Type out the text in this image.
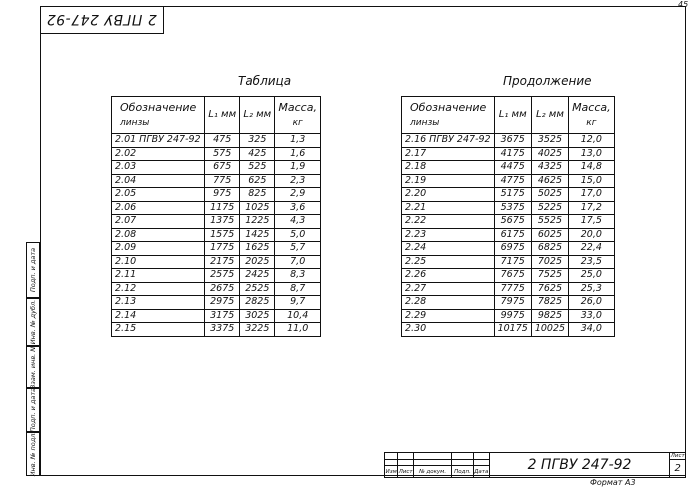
2 ПГВУ 247-92
45
Таблица
Обозначение
линзы	L₁ мм	L₂ мм	Масса,
кг

2.01 ПГВУ 247-92	475	325	1,3
2.02	575	425	1,6
2.03	675	525	1,9
2.04	775	625	2,3
2.05	975	825	2,9
2.06	1175	1025	3,6
2.07	1375	1225	4,3
2.08	1575	1425	5,0
2.09	1775	1625	5,7
2.10	2175	2025	7,0
2.11	2575	2425	8,3
2.12	2675	2525	8,7
2.13	2975	2825	9,7
2.14	3175	3025	10,4
2.15	3375	3225	11,0
Продолжение
Обозначение
линзы	L₁ мм	L₂ мм	Масса,
кг

2.16 ПГВУ 247-92	3675	3525	12,0
2.17	4175	4025	13,0
2.18	4475	4325	14,8
2.19	4775	4625	15,0
2.20	5175	5025	17,0
2.21	5375	5225	17,2
2.22	5675	5525	17,5
2.23	6175	6025	20,0
2.24	6975	6825	22,4
2.25	7175	7025	23,5
2.26	7675	7525	25,0
2.27	7775	7625	25,3
2.28	7975	7825	26,0
2.29	9975	9825	33,0
2.30	10175	10025	34,0
Подп. и дата
Инв. № дубл.
Взам. инв. №
Подп. и дата
Инв. № подл.
						2 ПГВУ 247-92	Лист
						2
Изм	Лист	№ докум.	Подп.	Дата		
Формат А3
